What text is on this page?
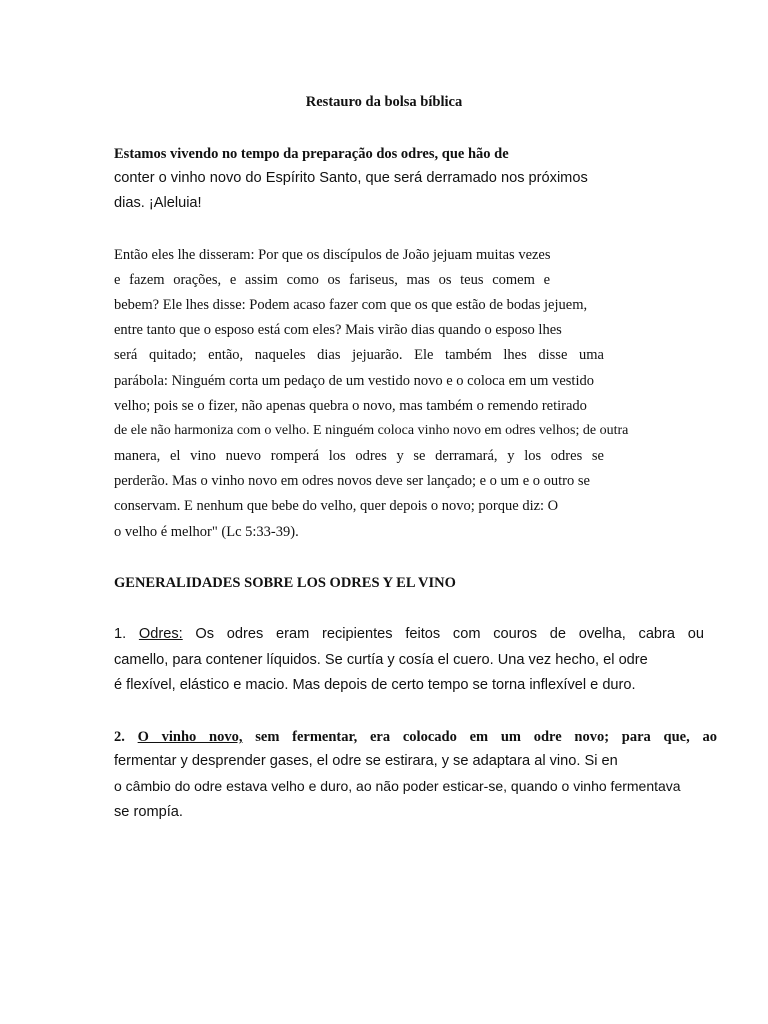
Restauro da bolsa bíblica
Estamos vivendo no tempo da preparação dos odres, que hão de
conter o vinho novo do Espírito Santo, que será derramado nos próximos
dias. ¡Aleluia!
Então eles lhe disseram: Por que os discípulos de João jejuam muitas vezes
e fazem orações, e assim como os fariseus, mas os teus comem e
bebem? Ele lhes disse: Podem acaso fazer com que os que estão de bodas jejuem,
entre tanto que o esposo está com eles? Mais virão dias quando o esposo lhes
será quitado; então, naqueles dias jejuarão. Ele também lhes disse uma
parábola: Ninguém corta um pedaço de um vestido novo e o coloca em um vestido
velho; pois se o fizer, não apenas quebra o novo, mas também o remendo retirado
de ele não harmoniza com o velho. E ninguém coloca vinho novo em odres velhos; de outra
manera, el vino nuevo romperá los odres y se derramará, y los odres se
perderão. Mas o vinho novo em odres novos deve ser lançado; e o um e o outro se
conservam. E nenhum que bebe do velho, quer depois o novo; porque diz: O
o velho é melhor" (Lc 5:33-39).
GENERALIDADES SOBRE LOS ODRES Y EL VINO
1. Odres: Os odres eram recipientes feitos com couros de ovelha, cabra ou
camello, para contener líquidos. Se curtía y cosía el cuero. Una vez hecho, el odre
é flexível, elástico e macio. Mas depois de certo tempo se torna inflexível e duro.
2. O vinho novo, sem fermentar, era colocado em um odre novo; para que, ao
fermentar y desprender gases, el odre se estirara, y se adaptara al vino. Si en
o câmbio do odre estava velho e duro, ao não poder esticar-se, quando o vinho fermentava
se rompía.
